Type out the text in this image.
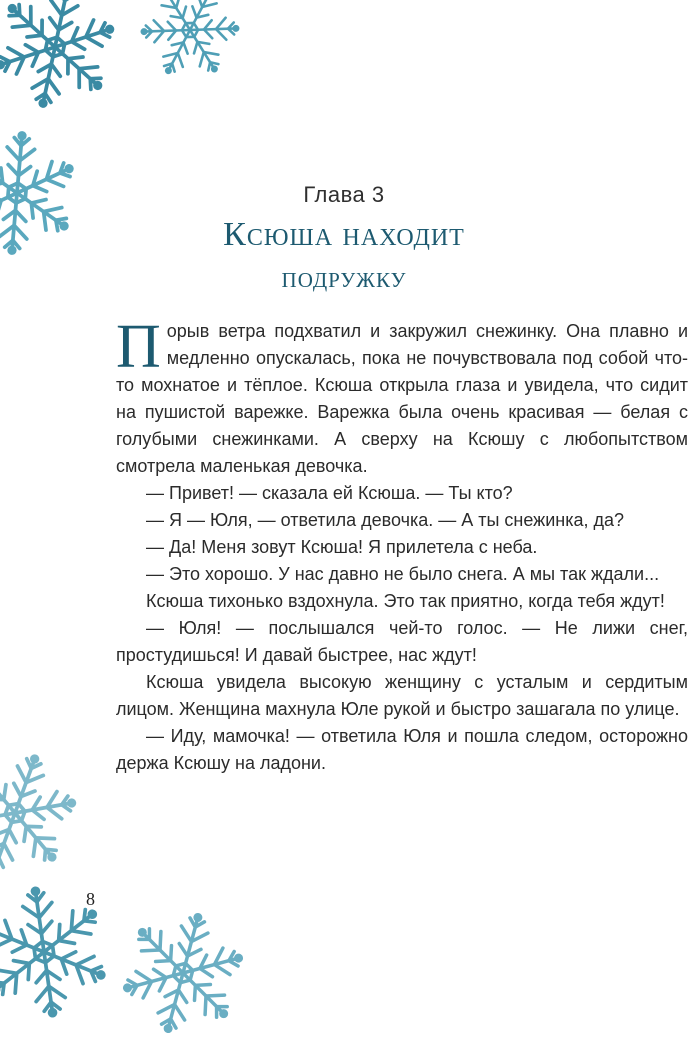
Глава 3
Ксюша находит
подружку

Порыв ветра подхватил и закружил снежинку. Она плавно и медленно опускалась, пока не почувствовала под собой что-то мохнатое и тёплое. Ксюша открыла глаза и увидела, что сидит на пушистой варежке. Варежка была очень красивая — белая с голубыми снежинками. А сверху на Ксюшу с любопытством смотрела маленькая девочка.

— Привет! — сказала ей Ксюша. — Ты кто?

— Я — Юля, — ответила девочка. — А ты снежинка, да?

— Да! Меня зовут Ксюша! Я прилетела с неба.

— Это хорошо. У нас давно не было снега. А мы так ждали...

Ксюша тихонько вздохнула. Это так приятно, когда тебя ждут!

— Юля! — послышался чей-то голос. — Не лижи снег, простудишься! И давай быстрее, нас ждут!

Ксюша увидела высокую женщину с усталым и сердитым лицом. Женщина махнула Юле рукой и быстро зашагала по улице.

— Иду, мамочка! — ответила Юля и пошла следом, осторожно держа Ксюшу на ладони.

8
